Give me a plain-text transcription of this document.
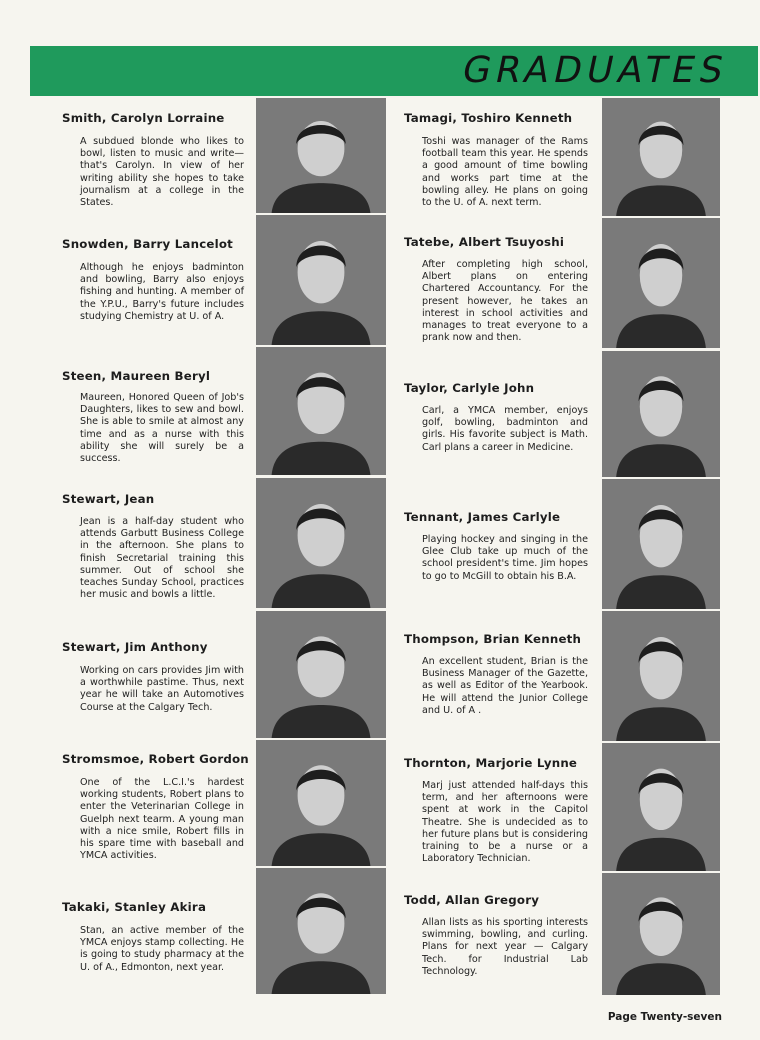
GRADUATES
Smith, Carolyn Lorraine
A subdued blonde who likes to bowl, listen to music and write—that's Carolyn. In view of her writing ability she hopes to take journalism at a college in the States.
Snowden, Barry Lancelot
Although he enjoys badminton and bowling, Barry also enjoys fishing and hunting. A member of the Y.P.U., Barry's future includes studying Chemistry at U. of A.
Steen, Maureen Beryl
Maureen, Honored Queen of Job's Daughters, likes to sew and bowl. She is able to smile at almost any time and as a nurse with this ability she will surely be a success.
Stewart, Jean
Jean is a half-day student who attends Garbutt Business College in the afternoon. She plans to finish Secretarial training this summer. Out of school she teaches Sunday School, practices her music and bowls a little.
Stewart, Jim Anthony
Working on cars provides Jim with a worthwhile pastime. Thus, next year he will take an Automotives Course at the Calgary Tech.
Stromsmoe, Robert Gordon
One of the L.C.I.'s hardest working students, Robert plans to enter the Veterinarian College in Guelph next tearm. A young man with a nice smile, Robert fills in his spare time with baseball and YMCA activities.
Takaki, Stanley Akira
Stan, an active member of the YMCA enjoys stamp collecting. He is going to study pharmacy at the U. of A., Edmonton, next year.
Tamagi, Toshiro Kenneth
Toshi was manager of the Rams football team this year. He spends a good amount of time bowling and works part time at the bowling alley. He plans on going to the U. of A. next term.
Tatebe, Albert Tsuyoshi
After completing high school, Albert plans on entering Chartered Accountancy. For the present however, he takes an interest in school activities and manages to treat everyone to a prank now and then.
Taylor, Carlyle John
Carl, a YMCA member, enjoys golf, bowling, badminton and girls. His favorite subject is Math. Carl plans a career in Medicine.
Tennant, James Carlyle
Playing hockey and singing in the Glee Club take up much of the school president's time. Jim hopes to go to McGill to obtain his B.A.
Thompson, Brian Kenneth
An excellent student, Brian is the Business Manager of the Gazette, as well as Editor of the Yearbook. He will attend the Junior College and U. of A .
Thornton, Marjorie Lynne
Marj just attended half-days this term, and her afternoons were spent at work in the Capitol Theatre. She is undecided as to her future plans but is considering training to be a nurse or a Laboratory Technician.
Todd, Allan Gregory
Allan lists as his sporting interests swimming, bowling, and curling. Plans for next year — Calgary Tech. for Industrial Lab Technology.
Page Twenty-seven
